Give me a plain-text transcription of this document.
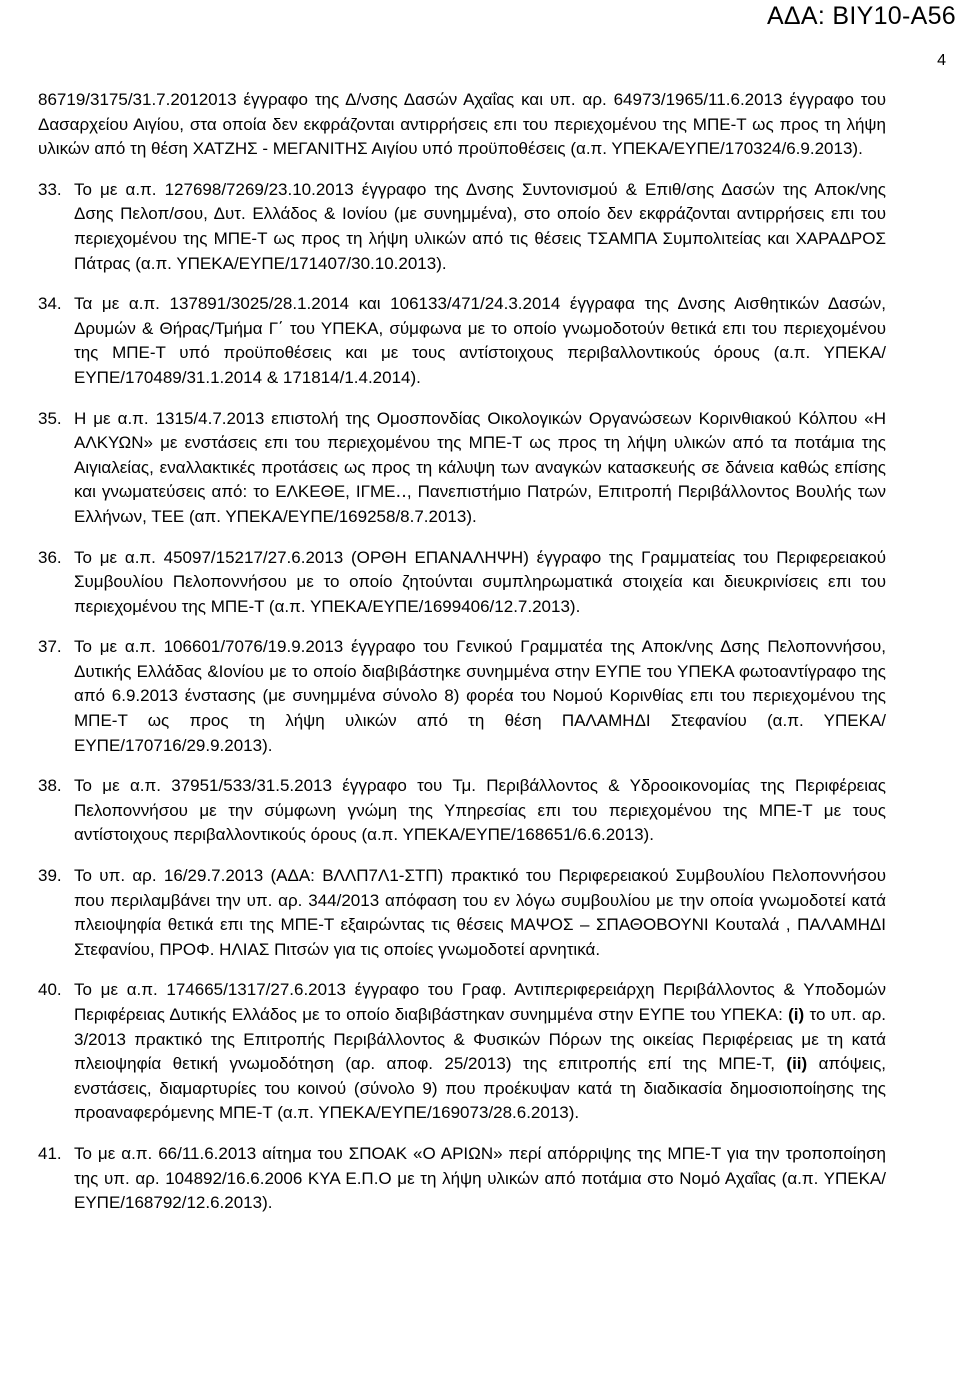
ΑΔΑ: ΒΙΥ10-Α56
4

86719/3175/31.7.2012013 έγγραφο της Δ/νσης Δασών Αχαΐας και υπ. αρ. 64973/1965/11.6.2013 έγγραφο του Δασαρχείου Αιγίου, στα οποία δεν εκφράζονται αντιρρήσεις επι του περιεχομένου της ΜΠΕ-Τ ως προς τη λήψη υλικών από τη θέση ΧΑΤΖΗΣ - ΜΕΓΑΝΙΤΗΣ Αιγίου υπό προϋποθέσεις (α.π. ΥΠΕΚΑ/ΕΥΠΕ/170324/6.9.2013).

33. Το με α.π. 127698/7269/23.10.2013 έγγραφο της Δνσης Συντονισμού & Επιθ/σης Δασών της Αποκ/νης Δσης Πελοπ/σου, Δυτ. Ελλάδος & Ιονίου (με συνημμένα), στο οποίο δεν εκφράζονται αντιρρήσεις επι του περιεχομένου της ΜΠΕ-Τ ως προς τη λήψη υλικών από τις θέσεις ΤΣΑΜΠΑ Συμπολιτείας και ΧΑΡΑΔΡΟΣ Πάτρας (α.π. ΥΠΕΚΑ/ΕΥΠΕ/171407/30.10.2013).
34. Τα με α.π. 137891/3025/28.1.2014 και 106133/471/24.3.2014 έγγραφα της Δνσης Αισθητικών Δασών, Δρυμών & Θήρας/Τμήμα Γ΄ του ΥΠΕΚΑ, σύμφωνα με το οποίο γνωμοδοτούν θετικά επι του περιεχομένου της ΜΠΕ-Τ υπό προϋποθέσεις και με τους αντίστοιχους περιβαλλοντικούς όρους (α.π. ΥΠΕΚΑ/ΕΥΠΕ/170489/31.1.2014 & 171814/1.4.2014).
35. Η με α.π. 1315/4.7.2013 επιστολή της Ομοσπονδίας Οικολογικών Οργανώσεων Κορινθιακού Κόλπου «Η ΑΛΚΥΩΝ» με ενστάσεις επι του περιεχομένου της ΜΠΕ-Τ ως προς τη λήψη υλικών από τα ποτάμια της Αιγιαλείας, εναλλακτικές προτάσεις ως προς τη κάλυψη των αναγκών κατασκευής σε δάνεια καθώς επίσης και γνωματεύσεις από: το ΕΛΚΕΘΕ, ΙΓΜΕ‥, Πανεπιστήμιο Πατρών, Επιτροπή Περιβάλλοντος Βουλής των Ελλήνων, ΤΕΕ (απ. ΥΠΕΚΑ/ΕΥΠΕ/169258/8.7.2013).
36. Το με α.π. 45097/15217/27.6.2013 (ΟΡΘΗ ΕΠΑΝΑΛΗΨΗ) έγγραφο της Γραμματείας του Περιφερειακού Συμβουλίου Πελοποννήσου με το οποίο ζητούνται συμπληρωματικά στοιχεία και διευκρινίσεις επι του περιεχομένου της ΜΠΕ-Τ (α.π. ΥΠΕΚΑ/ΕΥΠΕ/1699406/12.7.2013).
37. Το με α.π. 106601/7076/19.9.2013 έγγραφο του Γενικού Γραμματέα της Αποκ/νης Δσης Πελοποννήσου, Δυτικής Ελλάδας &Ιονίου με το οποίο διαβιβάστηκε συνημμένα στην ΕΥΠΕ του ΥΠΕΚΑ φωτοαντίγραφο της από 6.9.2013 ένστασης (με συνημμένα σύνολο 8) φορέα του Νομού Κορινθίας επι του περιεχομένου της ΜΠΕ-Τ ως προς τη λήψη υλικών από τη θέση ΠΑΛΑΜΗΔΙ Στεφανίου (α.π. ΥΠΕΚΑ/ΕΥΠΕ/170716/29.9.2013).
38. Το με α.π. 37951/533/31.5.2013 έγγραφο του Τμ. Περιβάλλοντος & Υδροοικονομίας της Περιφέρειας Πελοποννήσου με την σύμφωνη γνώμη της Υπηρεσίας επι του περιεχομένου της ΜΠΕ-Τ με τους αντίστοιχους περιβαλλοντικούς όρους (α.π. ΥΠΕΚΑ/ΕΥΠΕ/168651/6.6.2013).
39. Το υπ. αρ. 16/29.7.2013 (ΑΔΑ: ΒΛΛΠ7Λ1-ΣΤΠ) πρακτικό του Περιφερειακού Συμβουλίου Πελοποννήσου που περιλαμβάνει την υπ. αρ. 344/2013 απόφαση του εν λόγω συμβουλίου με την οποία γνωμοδοτεί κατά πλειοψηφία θετικά επι της ΜΠΕ-Τ εξαιρώντας τις θέσεις ΜΑΨΟΣ – ΣΠΑΘΟΒΟΥΝΙ Κουταλά , ΠΑΛΑΜΗΔΙ Στεφανίου, ΠΡΟΦ. ΗΛΙΑΣ Πιτσών για τις οποίες γνωμοδοτεί αρνητικά.
40. Το με α.π. 174665/1317/27.6.2013 έγγραφο του Γραφ. Αντιπεριφερειάρχη Περιβάλλοντος & Υποδομών Περιφέρειας Δυτικής Ελλάδος με το οποίο διαβιβάστηκαν συνημμένα στην ΕΥΠΕ του ΥΠΕΚΑ: (i) το υπ. αρ. 3/2013 πρακτικό της Επιτροπής Περιβάλλοντος & Φυσικών Πόρων της οικείας Περιφέρειας με τη κατά πλειοψηφία θετική γνωμοδότηση (αρ. αποφ. 25/2013) της επιτροπής επί της ΜΠΕ-Τ, (ii) απόψεις, ενστάσεις, διαμαρτυρίες του κοινού (σύνολο 9) που προέκυψαν κατά τη διαδικασία δημοσιοποίησης της προαναφερόμενης ΜΠΕ-Τ (α.π. ΥΠΕΚΑ/ΕΥΠΕ/169073/28.6.2013).
41. Το με α.π. 66/11.6.2013 αίτημα του ΣΠΟΑΚ «Ο ΑΡΙΩΝ» περί απόρριψης της ΜΠΕ-Τ για την τροποποίηση της υπ. αρ. 104892/16.6.2006 ΚΥΑ Ε.Π.Ο με τη λήψη υλικών από ποτάμια στο Νομό Αχαΐας (α.π. ΥΠΕΚΑ/ΕΥΠΕ/168792/12.6.2013).
